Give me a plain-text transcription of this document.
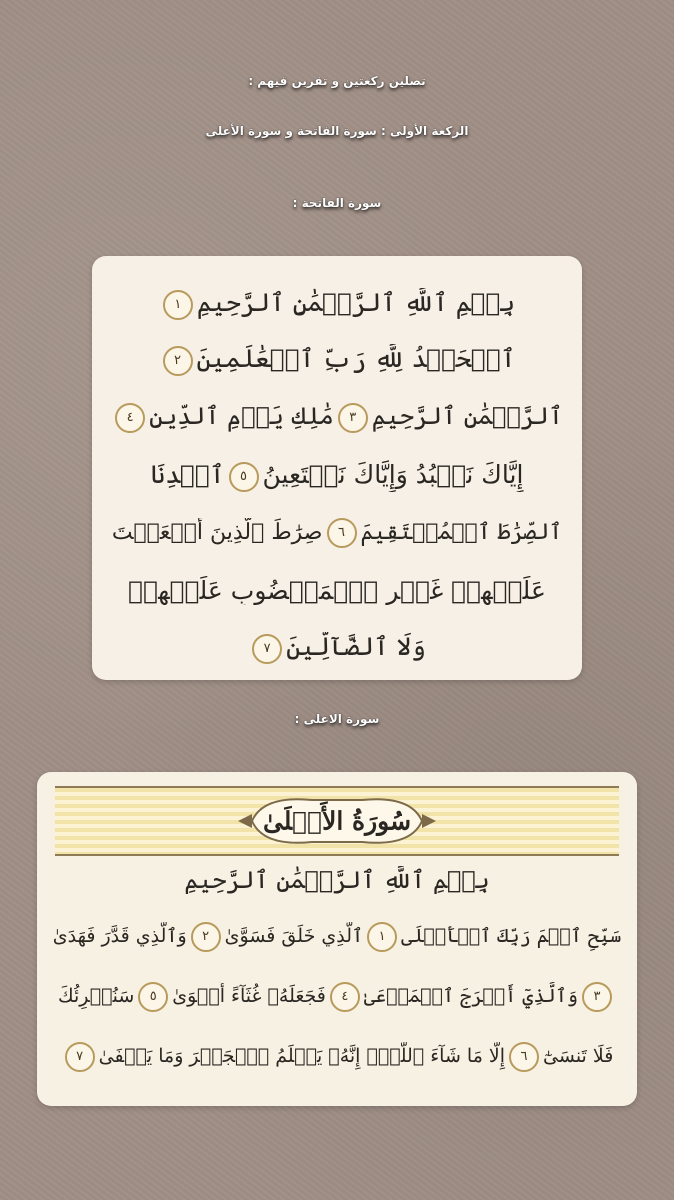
تصلين ركعتين و تقرين فيهم :
الركعة الأولى : سورة الفاتحة و سورة الأعلى
سورة الفاتحة :
بِسۡمِ ٱللَّهِ ٱلرَّحۡمَٰنِ ٱلرَّحِيمِ١
ٱلۡحَمۡدُ لِلَّهِ رَبِّ ٱلۡعَٰلَمِينَ٢
ٱلرَّحۡمَٰنِ ٱلرَّحِيمِ٣مَٰلِكِ يَوۡمِ ٱلدِّينِ٤
إِيَّاكَ نَعۡبُدُ وَإِيَّاكَ نَسۡتَعِينُ٥ٱهۡدِنَا
ٱلصِّرَٰطَ ٱلۡمُسۡتَقِيمَ٦صِرَٰطَ ٱلَّذِينَ أَنۡعَمۡتَ
عَلَيۡهِمۡ غَيۡرِ ٱلۡمَغۡضُوبِ عَلَيۡهِمۡ
وَلَا ٱلضَّآلِّينَ٧
سورة الاعلى :
سُورَةُ الأَعۡلَىٰ
بِسۡمِ ٱللَّهِ ٱلرَّحۡمَٰنِ ٱلرَّحِيمِ
سَبِّحِ ٱسۡمَ رَبِّكَ ٱلۡأَعۡلَى١ٱلَّذِي خَلَقَ فَسَوَّىٰ٢وَٱلَّذِي قَدَّرَ فَهَدَىٰ
٣وَٱلَّذِيٓ أَخۡرَجَ ٱلۡمَرۡعَىٰ٤فَجَعَلَهُۥ غُثَآءً أَحۡوَىٰ٥سَنُقۡرِئُكَ
فَلَا تَنسَىٰٓ٦إِلَّا مَا شَآءَ ٱللَّهُۚ إِنَّهُۥ يَعۡلَمُ ٱلۡجَهۡرَ وَمَا يَخۡفَىٰ٧
